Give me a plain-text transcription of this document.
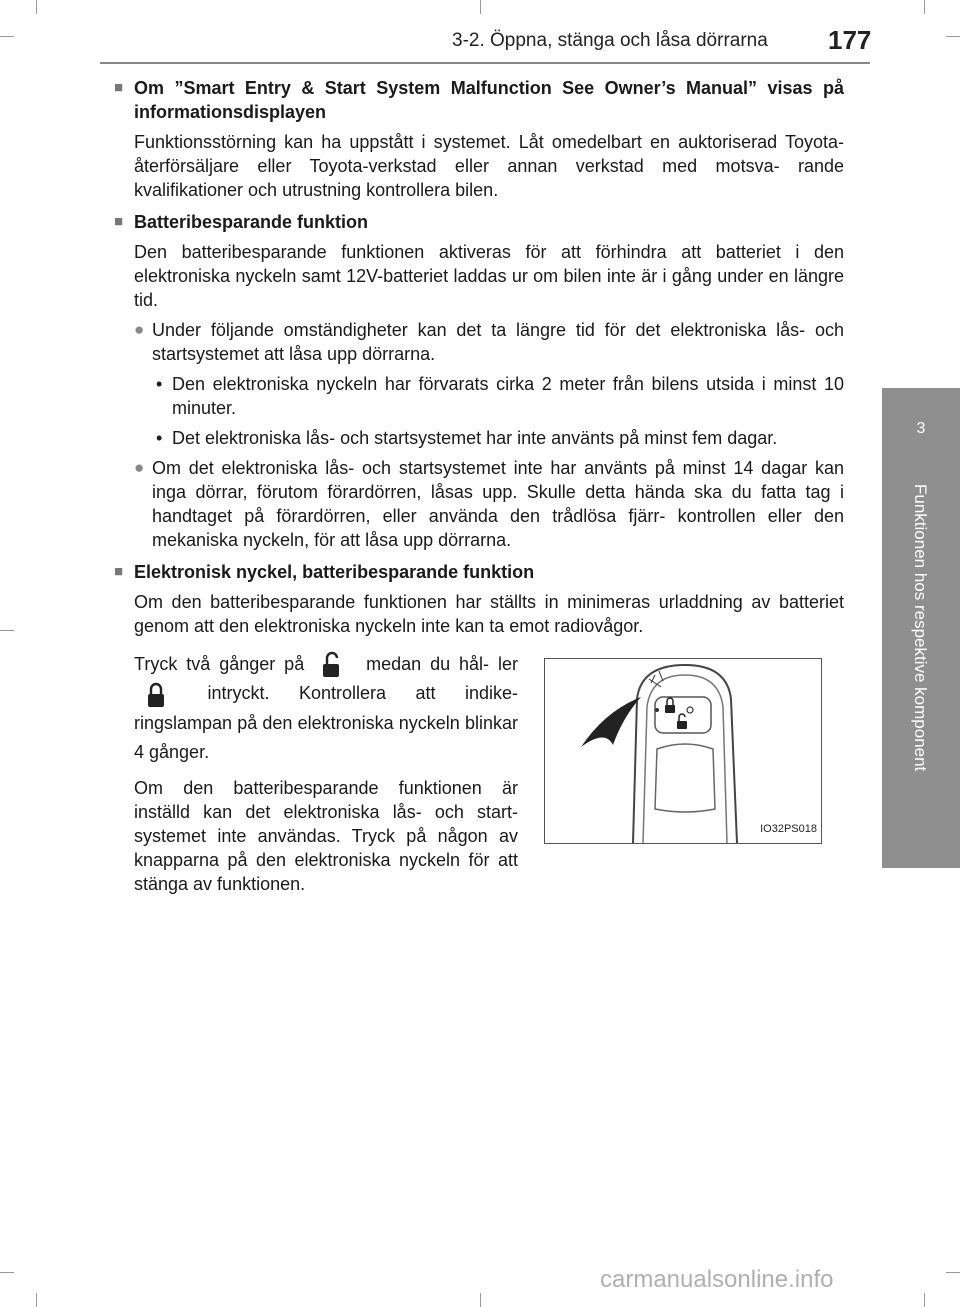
3-2. Öppna, stänga och låsa dörrarna 177
3
Funktionen hos respektive komponent
■ Om ”Smart Entry & Start System Malfunction See Owner’s Manual” visas på informationsdisplayen
Funktionsstörning kan ha uppstått i systemet. Låt omedelbart en auktoriserad Toyota-återförsäljare eller Toyota-verkstad eller annan verkstad med motsva- rande kvalifikationer och utrustning kontrollera bilen.
■ Batteribesparande funktion
Den batteribesparande funktionen aktiveras för att förhindra att batteriet i den elektroniska nyckeln samt 12V-batteriet laddas ur om bilen inte är i gång under en längre tid.
● Under följande omständigheter kan det ta längre tid för det elektroniska lås- och startsystemet att låsa upp dörrarna.
• Den elektroniska nyckeln har förvarats cirka 2 meter från bilens utsida i minst 10 minuter.
• Det elektroniska lås- och startsystemet har inte använts på minst fem dagar.
● Om det elektroniska lås- och startsystemet inte har använts på minst 14 dagar kan inga dörrar, förutom förardörren, låsas upp. Skulle detta hända ska du fatta tag i handtaget på förardörren, eller använda den trådlösa fjärr- kontrollen eller den mekaniska nyckeln, för att låsa upp dörrarna.
■ Elektronisk nyckel, batteribesparande funktion
Om den batteribesparande funktionen har ställts in minimeras urladdning av batteriet genom att den elektroniska nyckeln inte kan ta emot radiovågor.
Tryck två gånger på	medan du hål- ler  intryckt. Kontrollera att indike- ringslampan på den elektroniska nyckeln blinkar 4 gånger.
Om den batteribesparande funktionen är inställd kan det elektroniska lås- och start- systemet inte användas. Tryck på någon av knapparna på den elektroniska nyckeln för att stänga av funktionen.
IO32PS018
carmanualsonline.info
